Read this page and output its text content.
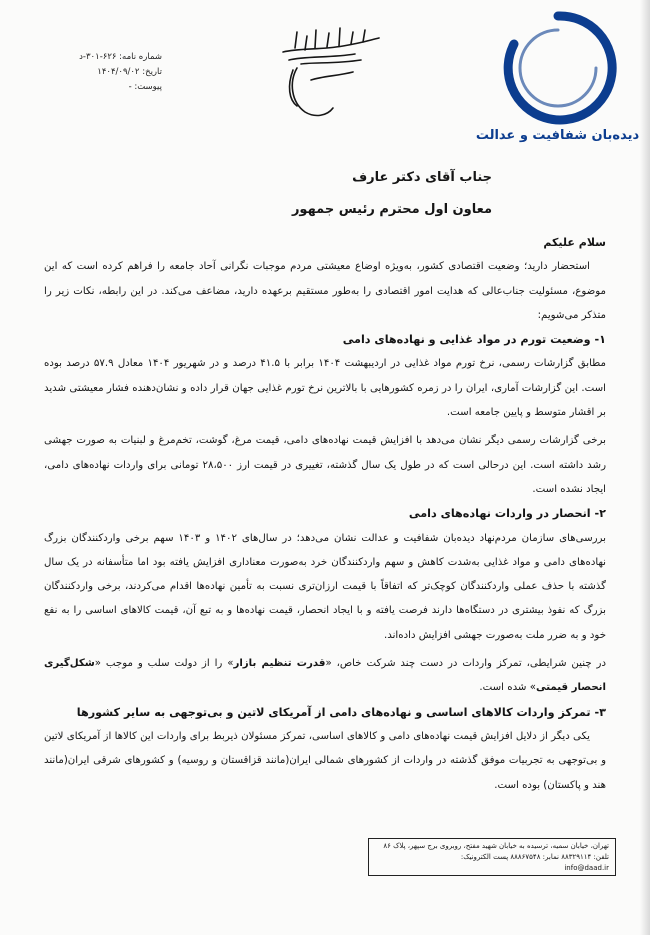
شماره نامه: ۶۲۶-۳۰۱-د
تاریخ: ۱۴۰۴/۰۹/۰۲
پیوست: -
دیده‌بان شفافیت و عدالت
جناب آقای دکتر عارف
معاون اول محترم رئیس جمهور

سلام علیکم

استحضار دارید؛ وضعیت اقتصادی کشور، به‌ویژه اوضاع معیشتی مردم موجبات نگرانی آحاد جامعه را فراهم کرده است که این موضوع، مسئولیت جناب‌عالی که هدایت امور اقتصادی را به‌طور مستقیم برعهده دارید، مضاعف می‌کند. در این رابطه، نکات زیر را متذکر می‌شویم:

۱- وضعیت تورم در مواد غذایی و نهاده‌های دامی

مطابق گزارشات رسمی، نرخ تورم مواد غذایی در اردیبهشت ۱۴۰۴ برابر با ۴۱.۵ درصد و در شهریور ۱۴۰۴ معادل ۵۷.۹ درصد بوده است. این گزارشات آماری، ایران را در زمره کشورهایی با بالاترین نرخ تورم غذایی جهان قرار داده و نشان‌دهنده فشار معیشتی شدید بر اقشار متوسط و پایین جامعه است.

برخی گزارشات رسمی دیگر نشان می‌دهد با افزایش قیمت نهاده‌های دامی، قیمت مرغ، گوشت، تخم‌مرغ و لبنیات به صورت جهشی رشد داشته است. این درحالی است که در طول یک سال گذشته، تغییری در قیمت ارز ۲۸،۵۰۰ تومانی برای واردات نهاده‌های دامی، ایجاد نشده است.

۲- انحصار در واردات نهاده‌های دامی

بررسی‌های سازمان مردم‌نهاد دیده‌بان شفافیت و عدالت نشان می‌دهد؛ در سال‌های ۱۴۰۲ و ۱۴۰۳ سهم برخی واردکنندگان بزرگ نهاده‌های دامی و مواد غذایی به‌شدت کاهش و سهم واردکنندگان خرد به‌صورت معناداری افزایش یافته بود اما متأسفانه در یک سال گذشته با حذف عملی واردکنندگان کوچک‌تر که اتفاقاً با قیمت ارزان‌تری نسبت به تأمین نهاده‌ها اقدام می‌کردند، برخی واردکنندگان بزرگ که نفوذ بیشتری در دستگاه‌ها دارند فرصت یافته و با ایجاد انحصار، قیمت نهاده‌ها و به تبع آن، قیمت کالاهای اساسی را به نفع خود و به ضرر ملت به‌صورت جهشی افزایش داده‌اند.

در چنین شرایطی، تمرکز واردات در دست چند شرکت خاص، «قدرت تنظیم بازار» را از دولت سلب و موجب «شکل‌گیری انحصار قیمتی» شده است.

۳- تمرکز واردات کالاهای اساسی و نهاده‌های دامی از آمریکای لاتین و بی‌توجهی به سایر کشورها

یکی دیگر از دلایل افزایش قیمت نهاده‌های دامی و کالاهای اساسی، تمرکز مسئولان ذیربط برای واردات این کالاها از آمریکای لاتین و بی‌توجهی به تجربیات موفق گذشته در واردات از کشورهای شمالی ایران(مانند قزاقستان و روسیه) و کشورهای شرقی ایران(مانند هند و پاکستان) بوده است.

تهران، خیابان سمیه، ترسیده به خیابان شهید مفتح، روبروی برج سپهر، پلاک ۸۶
تلفن: ۸۸۳۲۹۱۱۴ نمابر: ۸۸۸۶۷۵۴۸ پست الکترونیک:
info@daad.ir
